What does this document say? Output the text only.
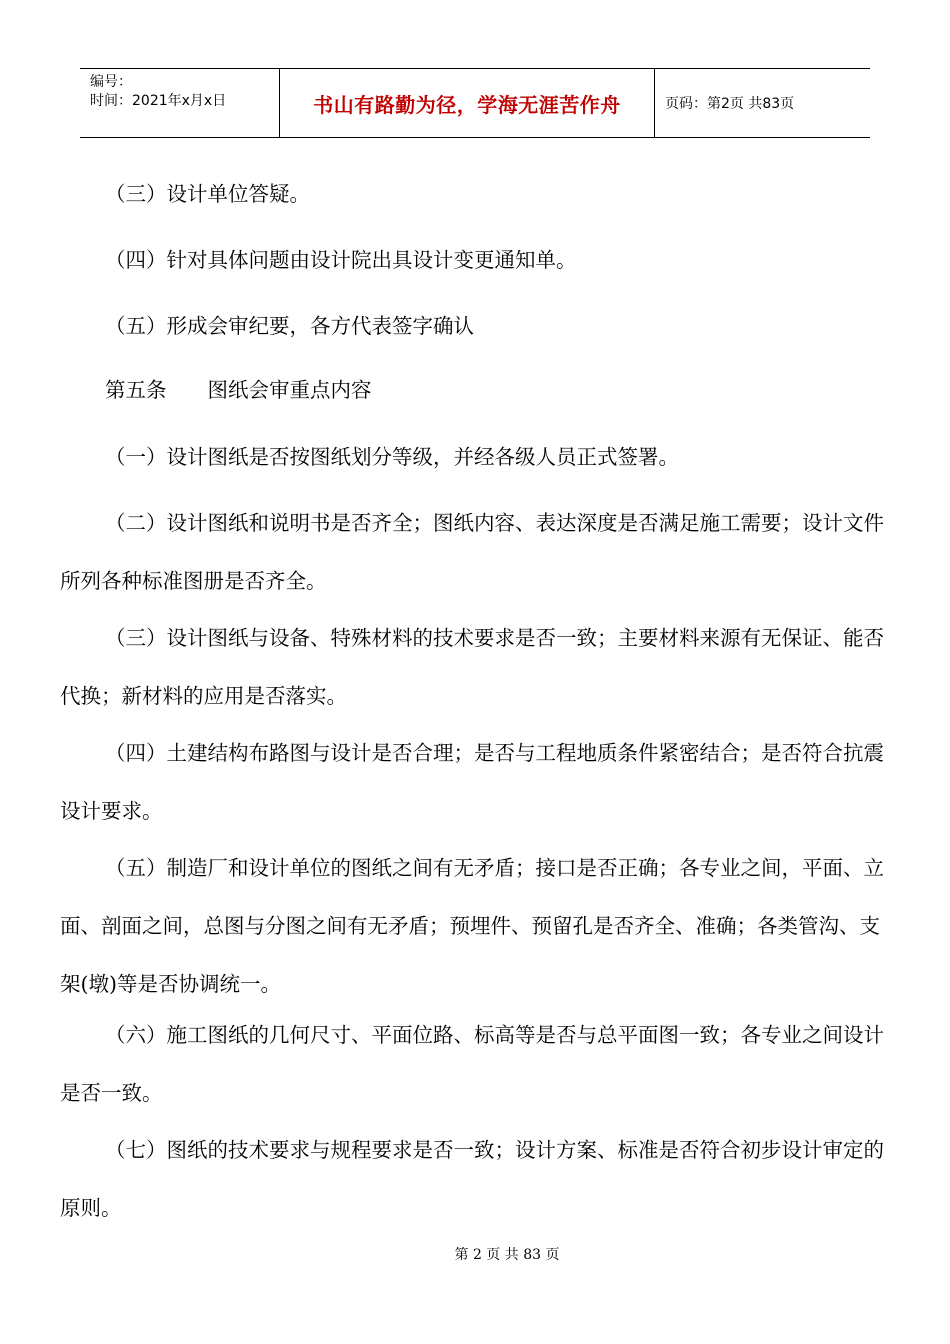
编号：
时间：2021年x月x日	书山有路勤为径，学海无涯苦作舟	页码：第2页 共83页

（三）设计单位答疑。

（四）针对具体问题由设计院出具设计变更通知单。

（五）形成会审纪要，各方代表签字确认

第五条　　图纸会审重点内容

（一）设计图纸是否按图纸划分等级，并经各级人员正式签署。

（二）设计图纸和说明书是否齐全；图纸内容、表达深度是否满足施工需要；设计文件所列各种标准图册是否齐全。

（三）设计图纸与设备、特殊材料的技术要求是否一致；主要材料来源有无保证、能否代换；新材料的应用是否落实。

（四）土建结构布路图与设计是否合理；是否与工程地质条件紧密结合；是否符合抗震设计要求。

（五）制造厂和设计单位的图纸之间有无矛盾；接口是否正确；各专业之间，平面、立面、剖面之间，总图与分图之间有无矛盾；预埋件、预留孔是否齐全、准确；各类管沟、支架(墩)等是否协调统一。

（六）施工图纸的几何尺寸、平面位路、标高等是否与总平面图一致；各专业之间设计是否一致。

（七）图纸的技术要求与规程要求是否一致；设计方案、标准是否符合初步设计审定的原则。

第 2 页 共 83 页
